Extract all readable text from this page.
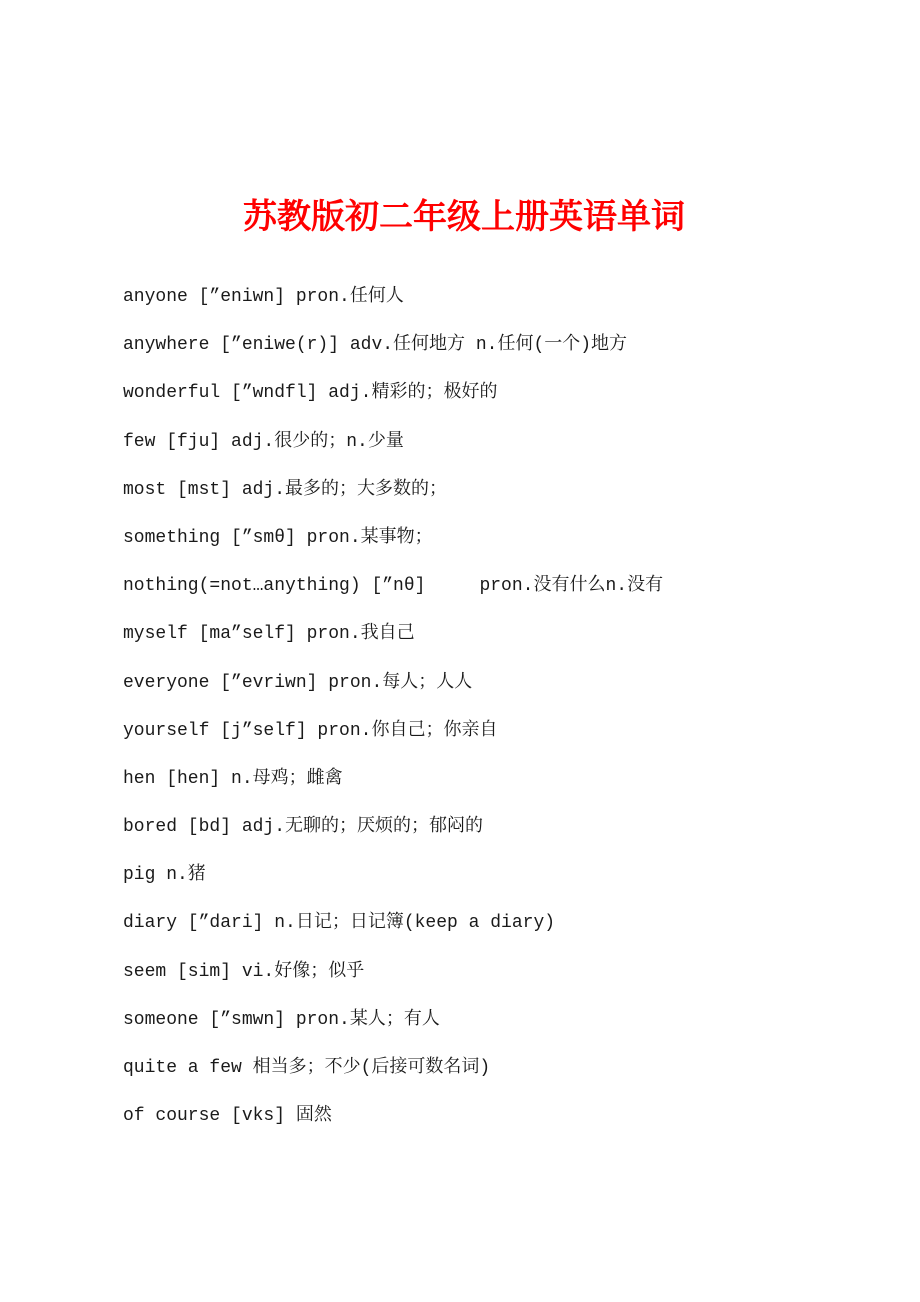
苏教版初二年级上册英语单词
anyone [”eniwn] pron.任何人
anywhere [”eniwe(r)] adv.任何地方 n.任何(一个)地方
wonderful [”wndfl] adj.精彩的；极好的
few [fju] adj.很少的；n.少量
most [mst] adj.最多的；大多数的；
something [”smθ] pron.某事物；
nothing(=not…anything) [”nθ]     pron.没有什么n.没有
myself [ma”self] pron.我自己
everyone [”evriwn] pron.每人；人人
yourself [j”self] pron.你自己；你亲自
hen [hen] n.母鸡；雌禽
bored [bd] adj.无聊的；厌烦的；郁闷的
pig n.猪
diary [”dari] n.日记；日记簿(keep a diary)
seem [sim] vi.好像；似乎
someone [”smwn] pron.某人；有人
quite a few 相当多；不少(后接可数名词)
of course [vks] 固然
